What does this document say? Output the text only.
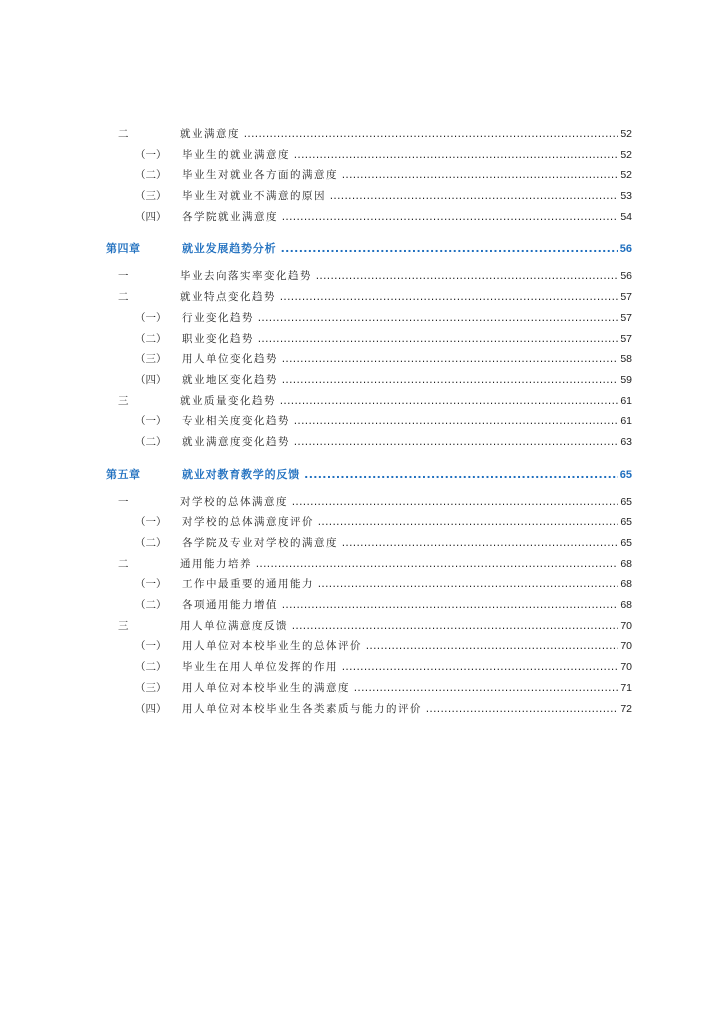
二	就业满意度 .....	52
（一） 毕业生的就业满意度 .....	52
（二） 毕业生对就业各方面的满意度 .....	52
（三） 毕业生对就业不满意的原因 .....	53
（四） 各学院就业满意度 .....	54
第四章	就业发展趋势分析 .....	56
一	毕业去向落实率变化趋势 .....	56
二	就业特点变化趋势 .....	57
（一） 行业变化趋势 .....	57
（二） 职业变化趋势 .....	57
（三） 用人单位变化趋势 .....	58
（四） 就业地区变化趋势 .....	59
三	就业质量变化趋势 .....	61
（一） 专业相关度变化趋势 .....	61
（二） 就业满意度变化趋势 .....	63
第五章	就业对教育教学的反馈 .....	65
一	对学校的总体满意度 .....	65
（一） 对学校的总体满意度评价 .....	65
（二） 各学院及专业对学校的满意度 .....	65
二	通用能力培养 .....	68
（一） 工作中最重要的通用能力 .....	68
（二） 各项通用能力增值 .....	68
三	用人单位满意度反馈 .....	70
（一） 用人单位对本校毕业生的总体评价 .....	70
（二） 毕业生在用人单位发挥的作用 .....	70
（三） 用人单位对本校毕业生的满意度 .....	71
（四） 用人单位对本校毕业生各类素质与能力的评价 .....	72
